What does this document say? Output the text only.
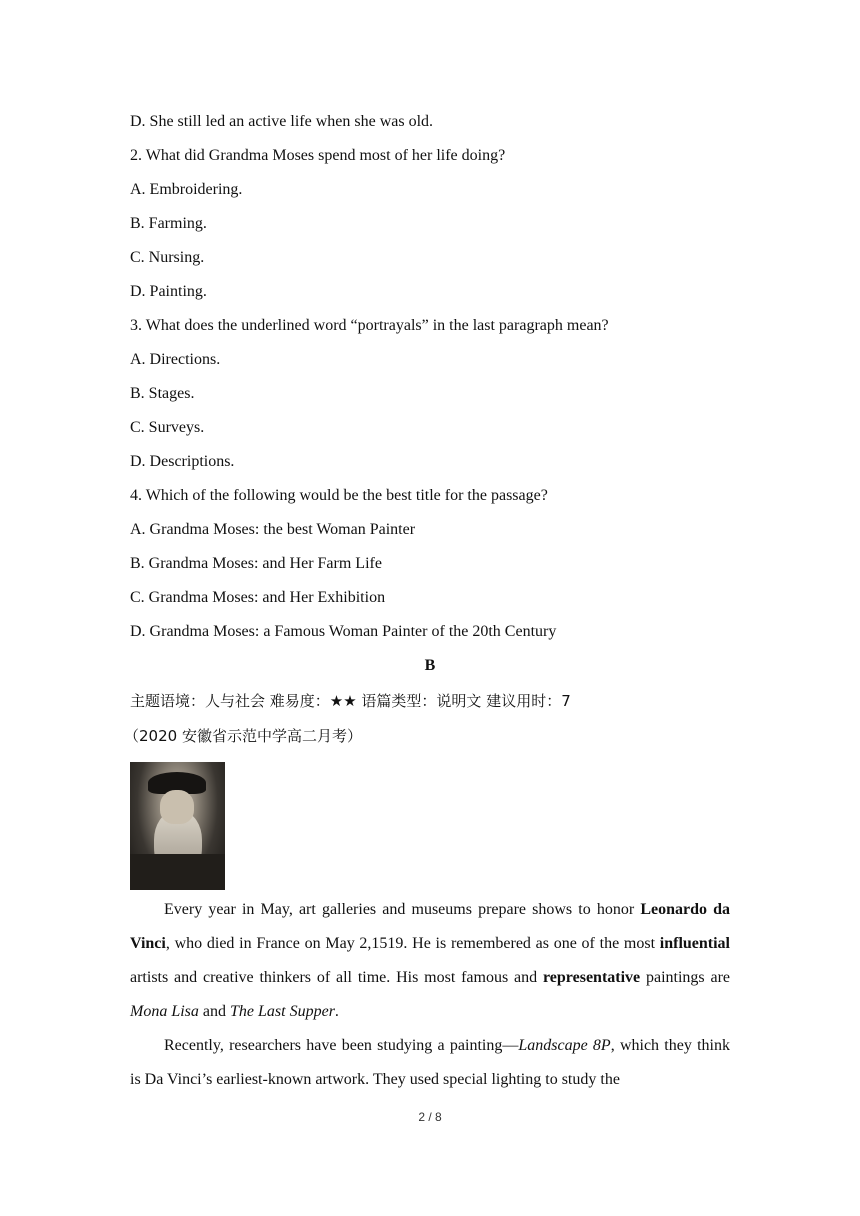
D. She still led an active life when she was old.
2. What did Grandma Moses spend most of her life doing?
A. Embroidering.
B. Farming.
C. Nursing.
D. Painting.
3. What does the underlined word “portrayals” in the last paragraph mean?
A. Directions.
B. Stages.
C. Surveys.
D. Descriptions.
4. Which of the following would be the best title for the passage?
A. Grandma Moses: the best Woman Painter
B. Grandma Moses: and Her Farm Life
C. Grandma Moses: and Her Exhibition
D. Grandma Moses: a Famous Woman Painter of the 20th Century
B
主题语境：人与社会 难易度：★★ 语篇类型：说明文 建议用时：7
（2020 安徽省示范中学高二月考）
Every year in May, art galleries and museums prepare shows to honor Leonardo da Vinci, who died in France on May 2,1519. He is remembered as one of the most influential artists and creative thinkers of all time. His most famous and representative paintings are Mona Lisa and The Last Supper.
Recently, researchers have been studying a painting—Landscape 8P, which they think is Da Vinci’s earliest-known artwork. They used special lighting to study the
2 / 8
